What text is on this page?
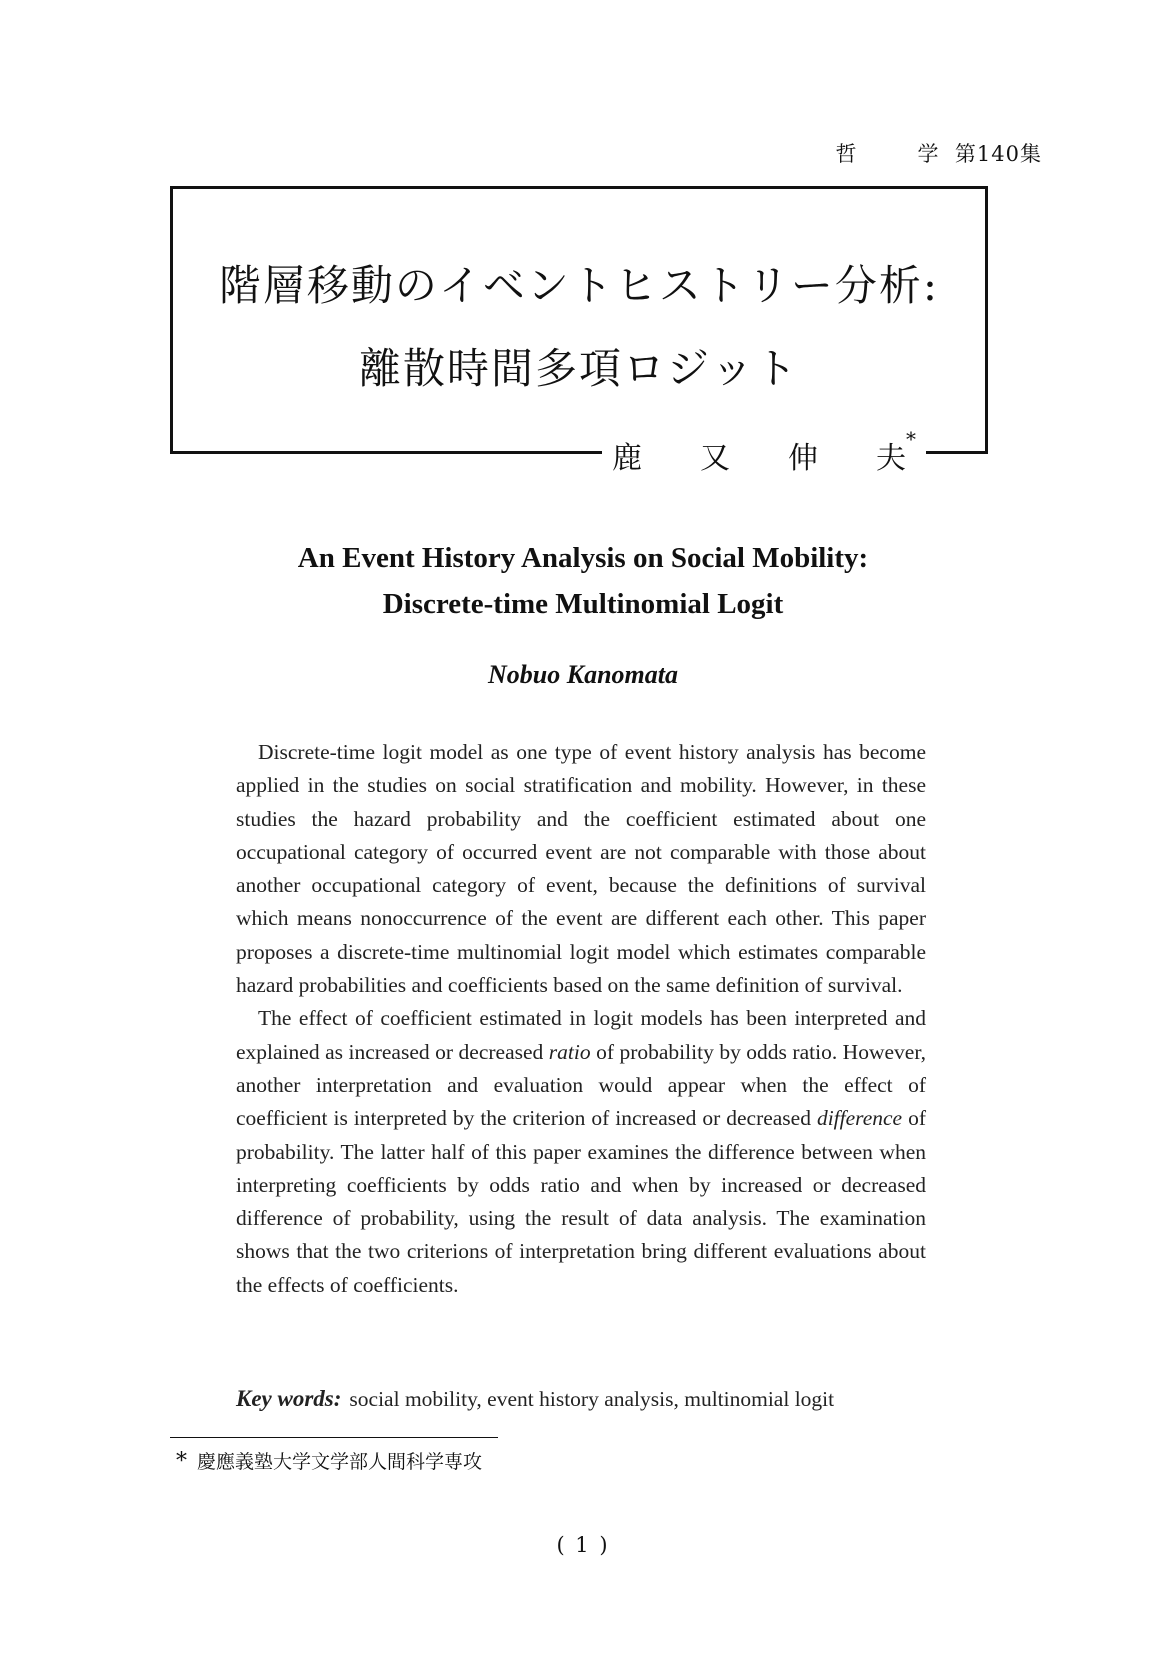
哲	学 第140集
階層移動のイベントヒストリー分析:
離散時間多項ロジット
鹿 又 伸 夫*
An Event History Analysis on Social Mobility:
Discrete-time Multinomial Logit
Nobuo Kanomata

Discrete-time logit model as one type of event history analysis has become applied in the studies on social stratification and mobility. However, in these studies the hazard probability and the coefficient estimated about one occupational category of occurred event are not comparable with those about another occupational category of event, because the definitions of survival which means nonoccurrence of the event are different each other. This paper proposes a discrete-time multinomial logit model which estimates comparable hazard probabilities and coefficients based on the same definition of survival.

The effect of coefficient estimated in logit models has been interpreted and explained as increased or decreased ratio of probability by odds ratio. However, another interpretation and evaluation would appear when the effect of coefficient is interpreted by the criterion of increased or decreased difference of probability. The latter half of this paper examines the difference between when interpreting coefficients by odds ratio and when by increased or decreased difference of probability, using the result of data analysis. The examination shows that the two criterions of interpretation bring different evaluations about the effects of coefficients.

Key words: social mobility, event history analysis, multinomial logit
* 慶應義塾大学文学部人間科学専攻
( 1 )
